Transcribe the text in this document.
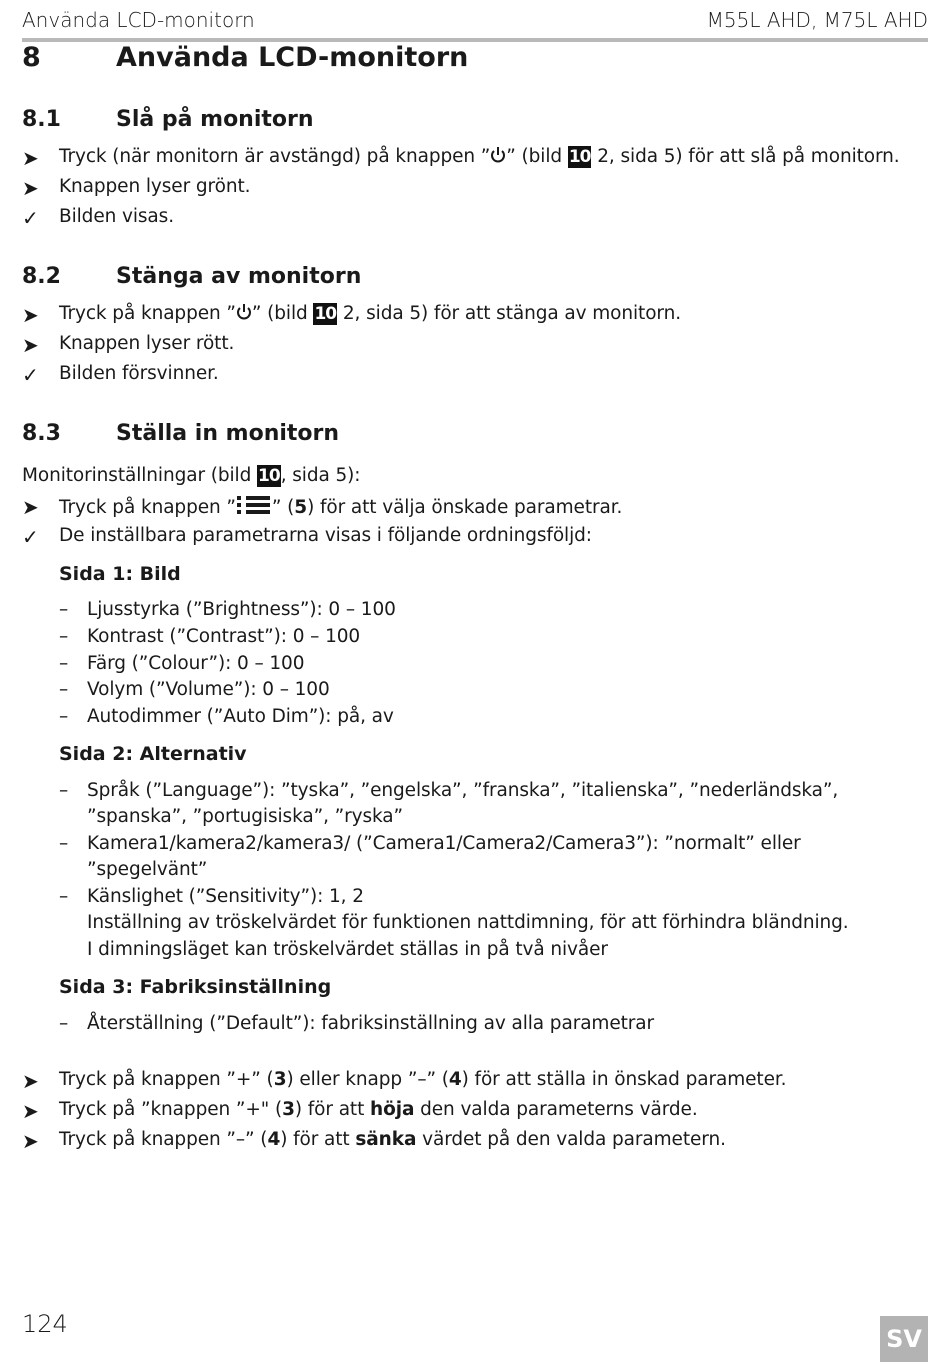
Använda LCD-monitorn	M55L AHD, M75L AHD
8	Använda LCD-monitorn
8.1	Slå på monitorn
➤ Tryck (när monitorn är avstängd) på knappen ” ” (bild 10 2, sida 5) för att slå på monitorn.
➤ Knappen lyser grönt.
✓ Bilden visas.
8.2	Stänga av monitorn
➤ Tryck på knappen ” ” (bild 10 2, sida 5) för att stänga av monitorn.
➤ Knappen lyser rött.
✓ Bilden försvinner.
8.3	Ställa in monitorn
Monitorinställningar (bild 10, sida 5):
➤ Tryck på knappen ” ” (5) för att välja önskade parametrar.
✓ De inställbara parametrarna visas i följande ordningsföljd:
Sida 1: Bild
– Ljusstyrka (”Brightness”): 0 – 100
– Kontrast (”Contrast”): 0 – 100
– Färg (”Colour”): 0 – 100
– Volym (”Volume”): 0 – 100
– Autodimmer (”Auto Dim”): på, av
Sida 2: Alternativ
– Språk (”Language”): ”tyska”, ”engelska”, ”franska”, ”italienska”, ”nederländska”,
”spanska”, ”portugisiska”, ”ryska”
– Kamera1/kamera2/kamera3/ (”Camera1/Camera2/Camera3”): ”normalt” eller
”spegelvänt”
– Känslighet (”Sensitivity”): 1, 2
Inställning av tröskelvärdet för funktionen nattdimning, för att förhindra bländning.
I dimningsläget kan tröskelvärdet ställas in på två nivåer
Sida 3: Fabriksinställning
– Återställning (”Default”): fabriksinställning av alla parametrar
➤ Tryck på knappen ”+” (3) eller knapp ”–” (4) för att ställa in önskad parameter.
➤ Tryck på ”knappen ”+" (3) för att höja den valda parameterns värde.
➤ Tryck på knappen ”–” (4) för att sänka värdet på den valda parametern.
124
SV
